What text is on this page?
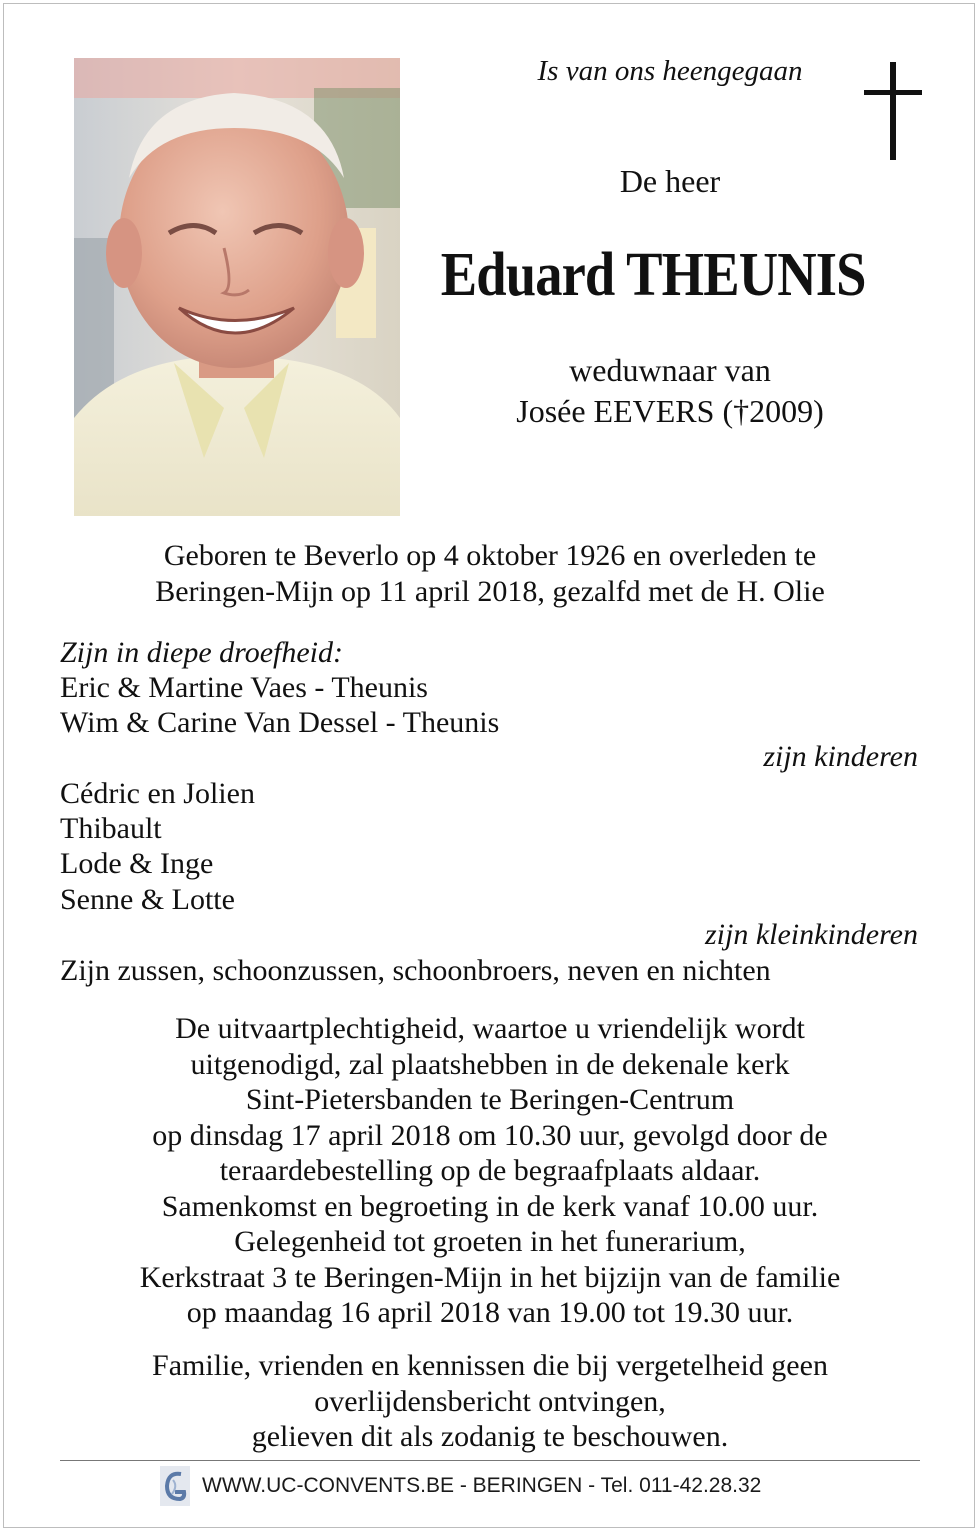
Is van ons heengegaan
De heer
Eduard THEUNIS
weduwnaar van
Josée EEVERS (†2009)
Geboren te Beverlo op 4 oktober 1926 en overleden te
Beringen-Mijn op 11 april 2018, gezalfd met de H. Olie
Zijn in diepe droefheid:
Eric & Martine Vaes - Theunis
Wim & Carine Van Dessel - Theunis
zijn kinderen
Cédric en Jolien
Thibault
Lode & Inge
Senne & Lotte
zijn kleinkinderen
Zijn zussen, schoonzussen, schoonbroers, neven en nichten
De uitvaartplechtigheid, waartoe u vriendelijk wordt
uitgenodigd, zal plaatshebben in de dekenale kerk
Sint-Pietersbanden te Beringen-Centrum
op dinsdag 17 april 2018 om 10.30 uur, gevolgd door de
teraardebestelling op de begraafplaats aldaar.
Samenkomst en begroeting in de kerk vanaf 10.00 uur.
Gelegenheid tot groeten in het funerarium,
Kerkstraat 3 te Beringen-Mijn in het bijzijn van de familie
op maandag 16 april 2018 van 19.00 tot 19.30 uur.
Familie, vrienden en kennissen die bij vergetelheid geen
overlijdensbericht ontvingen,
gelieven dit als zodanig te beschouwen.
WWW.UC-CONVENTS.BE - BERINGEN - Tel. 011-42.28.32
